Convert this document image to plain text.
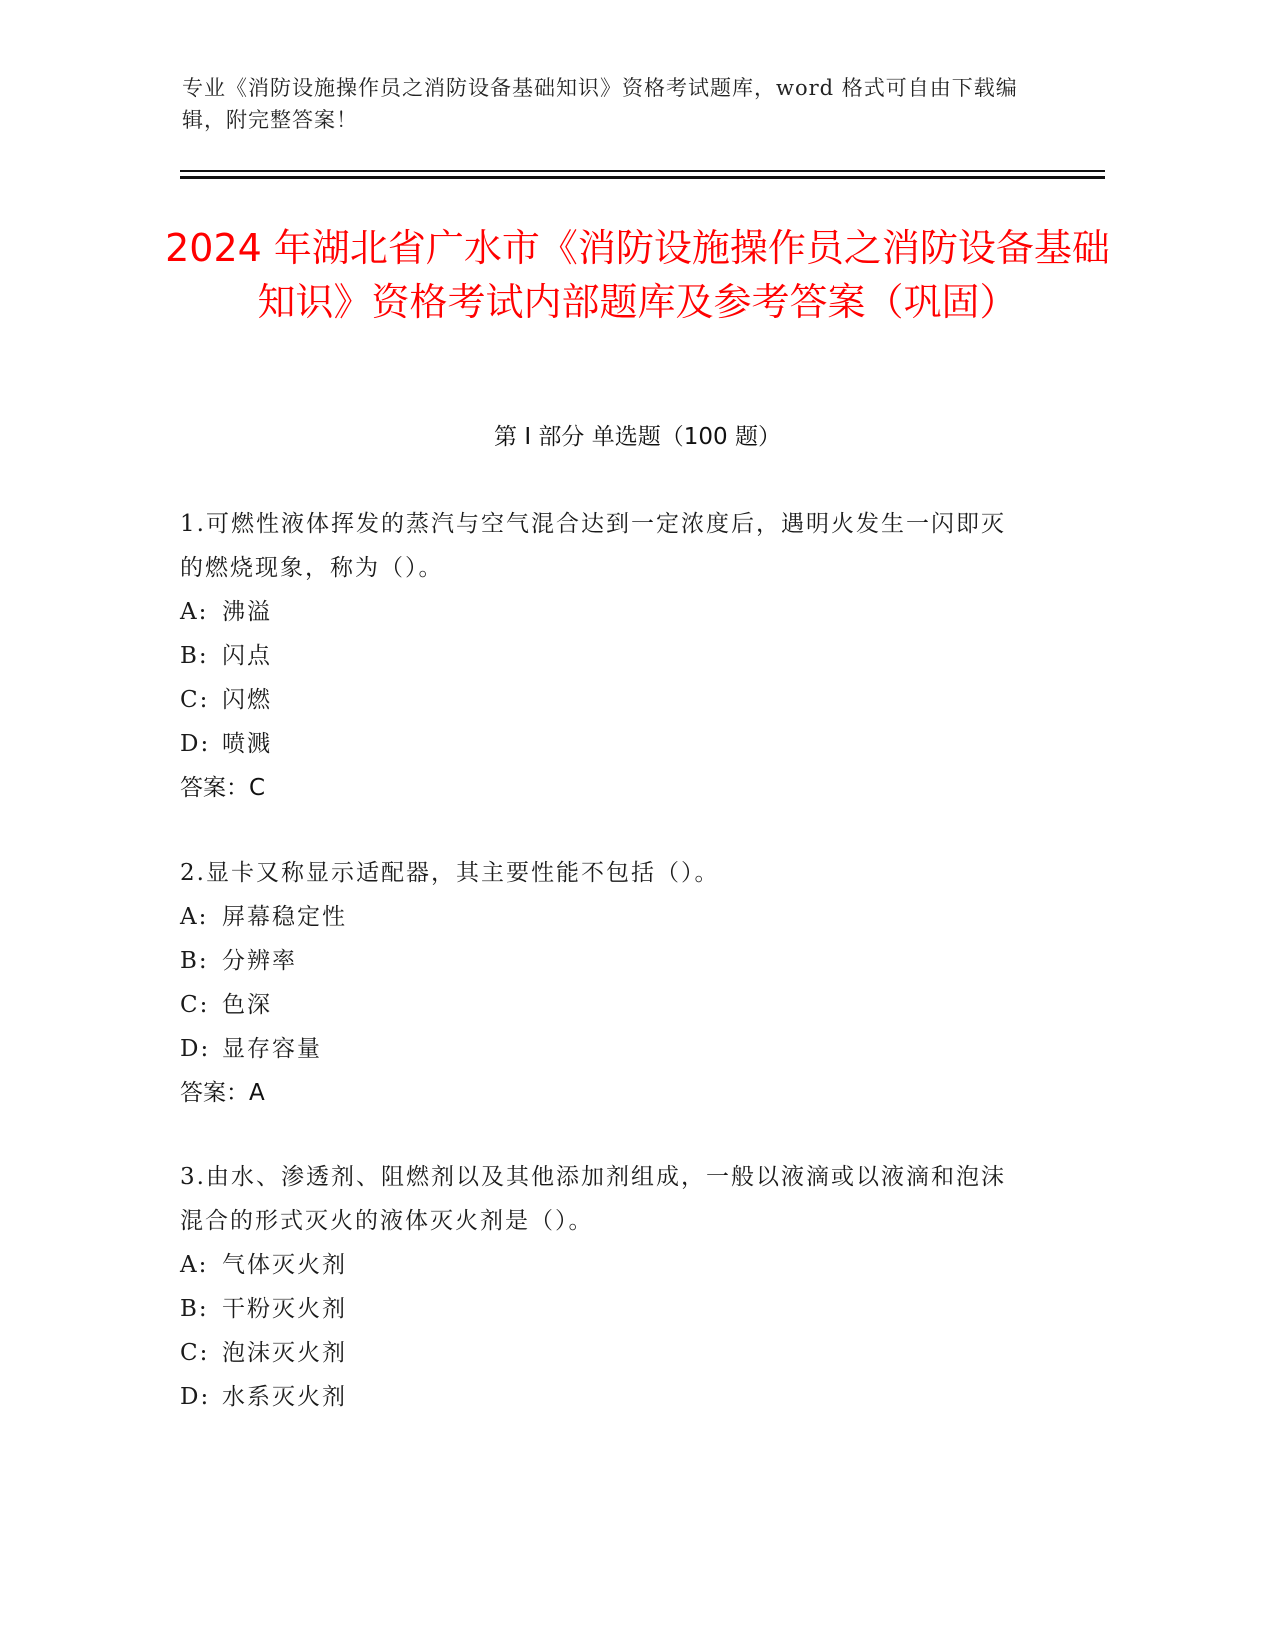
专业《消防设施操作员之消防设备基础知识》资格考试题库，word 格式可自由下载编辑，附完整答案！
2024 年湖北省广水市《消防设施操作员之消防设备基础知识》资格考试内部题库及参考答案（巩固）
第 I 部分 单选题（100 题）

1.可燃性液体挥发的蒸汽与空气混合达到一定浓度后，遇明火发生一闪即灭的燃烧现象，称为（）。

A: 沸溢

B: 闪点

C: 闪燃

D: 喷溅

答案：C

2.显卡又称显示适配器，其主要性能不包括（）。

A: 屏幕稳定性

B: 分辨率

C: 色深

D: 显存容量

答案：A

3.由水、渗透剂、阻燃剂以及其他添加剂组成，一般以液滴或以液滴和泡沫混合的形式灭火的液体灭火剂是（）。

A: 气体灭火剂

B: 干粉灭火剂

C: 泡沫灭火剂

D: 水系灭火剂
